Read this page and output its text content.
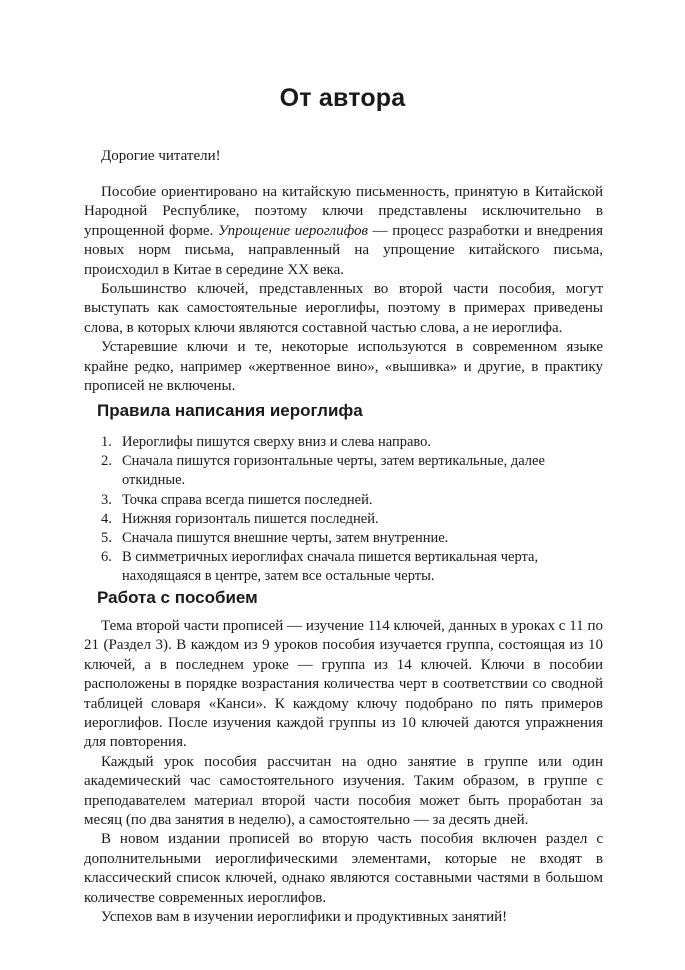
От автора

Дорогие читатели!

Пособие ориентировано на китайскую письменность, принятую в Китайской Народной Республике, поэтому ключи представлены исключительно в упрощенной форме. Упрощение иероглифов — процесс разработки и внедрения новых норм письма, направленный на упрощение китайского письма, происходил в Китае в середине XX века.

Большинство ключей, представленных во второй части пособия, могут выступать как самостоятельные иероглифы, поэтому в примерах приведены слова, в которых ключи являются составной частью слова, а не иероглифа.

Устаревшие ключи и те, некоторые используются в современном языке крайне редко, например «жертвенное вино», «вышивка» и другие, в практику прописей не включены.

Правила написания иероглифа
1. Иероглифы пишутся сверху вниз и слева направо.
2. Сначала пишутся горизонтальные черты, затем вертикальные, далее откидные.
3. Точка справа всегда пишется последней.
4. Нижняя горизонталь пишется последней.
5. Сначала пишутся внешние черты, затем внутренние.
6. В симметричных иероглифах сначала пишется вертикальная черта, находящаяся в центре, затем все остальные черты.
Работа с пособием

Тема второй части прописей — изучение 114 ключей, данных в уроках с 11 по 21 (Раздел 3). В каждом из 9 уроков пособия изучается группа, состоящая из 10 ключей, а в последнем уроке — группа из 14 ключей. Ключи в пособии расположены в порядке возрастания количества черт в соответствии со сводной таблицей словаря «Канси». К каждому ключу подобрано по пять примеров иероглифов. После изучения каждой группы из 10 ключей даются упражнения для повторения.

Каждый урок пособия рассчитан на одно занятие в группе или один академический час самостоятельного изучения. Таким образом, в группе с преподавателем материал второй части пособия может быть проработан за месяц (по два занятия в неделю), а самостоятельно — за десять дней.

В новом издании прописей во вторую часть пособия включен раздел с дополнительными иероглифическими элементами, которые не входят в классический список ключей, однако являются составными частями в большом количестве современных иероглифов.

Успехов вам в изучении иероглифики и продуктивных занятий!
